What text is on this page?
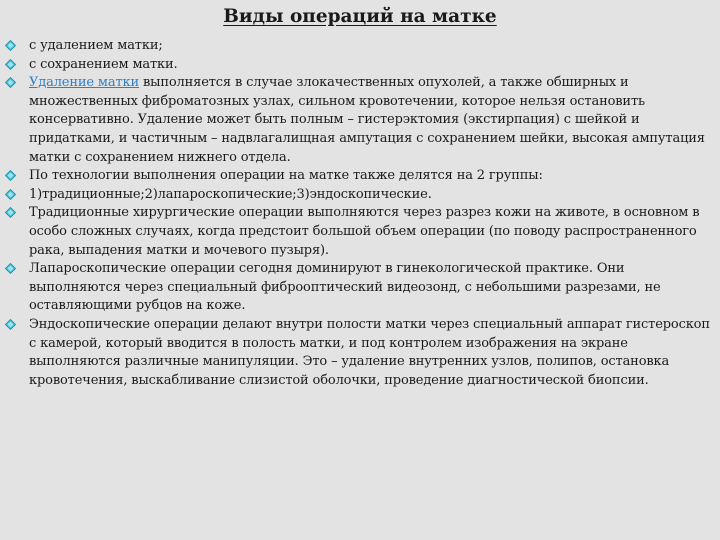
Виды операций на матке
с удалением матки;
с сохранением матки.
Удаление матки выполняется в случае злокачественных опухолей, а также обширных и множественных фиброматозных узлах, сильном кровотечении, которое нельзя остановить консервативно. Удаление может быть полным – гистерэктомия (экстирпация) с шейкой и придатками, и частичным – надвлагалищная ампутация с сохранением шейки, высокая ампутация матки с сохранением нижнего отдела.
По технологии выполнения операции на матке также делятся на 2 группы:
1)традиционные;2)лапароскопические;3)эндоскопические.
Традиционные хирургические операции выполняются через разрез кожи на животе, в основном в особо сложных случаях, когда предстоит большой объем операции (по поводу распространенного рака, выпадения матки и мочевого пузыря).
Лапароскопические операции сегодня доминируют в гинекологической практике. Они выполняются через специальный фиброоптический видеозонд, с небольшими разрезами, не оставляющими рубцов на коже.
Эндоскопические операции делают внутри полости матки через специальный аппарат гистероскоп с камерой, который вводится в полость матки, и под контролем изображения на экране выполняются различные манипуляции. Это – удаление внутренних узлов, полипов, остановка кровотечения, выскабливание слизистой оболочки, проведение диагностической биопсии.
